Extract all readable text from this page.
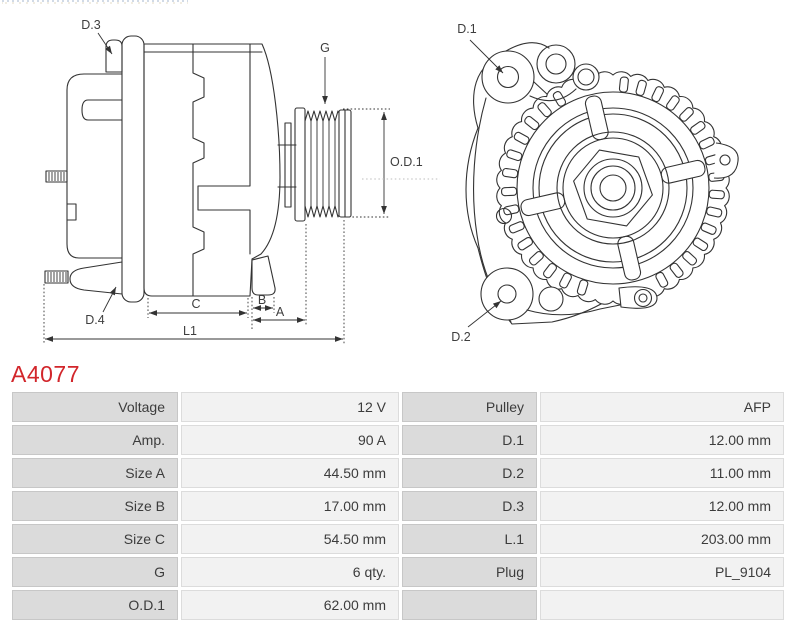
D.3
D.4
G
O.D.1
C	B
A
L1
D.1
D.2
A4077
Voltage	12 V	Pulley	AFP
Amp.	90 A	D.1	12.00 mm
Size A	44.50 mm	D.2	11.00 mm
Size B	17.00 mm	D.3	12.00 mm
Size C	54.50 mm	L.1	203.00 mm
G	6 qty.	Plug	PL_9104
O.D.1	62.00 mm
